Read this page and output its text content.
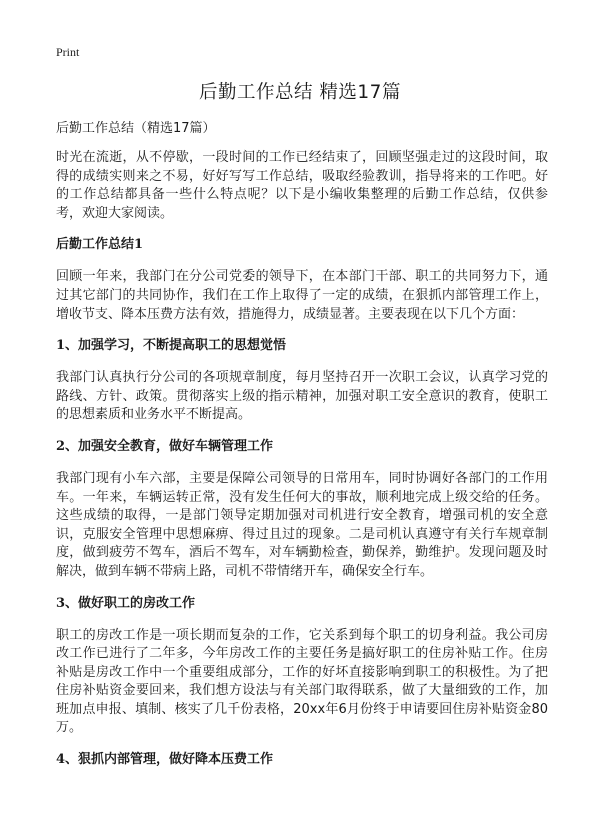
Print
后勤工作总结 精选17篇
后勤工作总结（精选17篇）

时光在流逝，从不停歇，一段时间的工作已经结束了，回顾坚强走过的这段时间，取得的成绩实则来之不易，好好写写工作总结，吸取经验教训，指导将来的工作吧。好的工作总结都具备一些什么特点呢？以下是小编收集整理的后勤工作总结，仅供参考，欢迎大家阅读。

后勤工作总结1

回顾一年来，我部门在分公司党委的领导下，在本部门干部、职工的共同努力下，通过其它部门的共同协作，我们在工作上取得了一定的成绩，在狠抓内部管理工作上，增收节支、降本压费方法有效，措施得力，成绩显著。主要表现在以下几个方面：

1、加强学习，不断提高职工的思想觉悟

我部门认真执行分公司的各项规章制度，每月坚持召开一次职工会议，认真学习党的路线、方针、政策。贯彻落实上级的指示精神，加强对职工安全意识的教育，使职工的思想素质和业务水平不断提高。

2、加强安全教育，做好车辆管理工作

我部门现有小车六部，主要是保障公司领导的日常用车，同时协调好各部门的工作用车。一年来，车辆运转正常，没有发生任何大的事故，顺利地完成上级交给的任务。这些成绩的取得，一是部门领导定期加强对司机进行安全教育，增强司机的安全意识，克服安全管理中思想麻痹、得过且过的现象。二是司机认真遵守有关行车规章制度，做到疲劳不驾车，酒后不驾车，对车辆勤检查，勤保养，勤维护。发现问题及时解决，做到车辆不带病上路，司机不带情绪开车，确保安全行车。

3、做好职工的房改工作

职工的房改工作是一项长期而复杂的工作，它关系到每个职工的切身利益。我公司房改工作已进行了二年多，今年房改工作的主要任务是搞好职工的住房补贴工作。住房补贴是房改工作中一个重要组成部分，工作的好坏直接影响到职工的积极性。为了把住房补贴资金要回来，我们想方设法与有关部门取得联系，做了大量细致的工作，加班加点申报、填制、核实了几千份表格，20xx年6月份终于申请要回住房补贴资金80万。

4、狠抓内部管理，做好降本压费工作
